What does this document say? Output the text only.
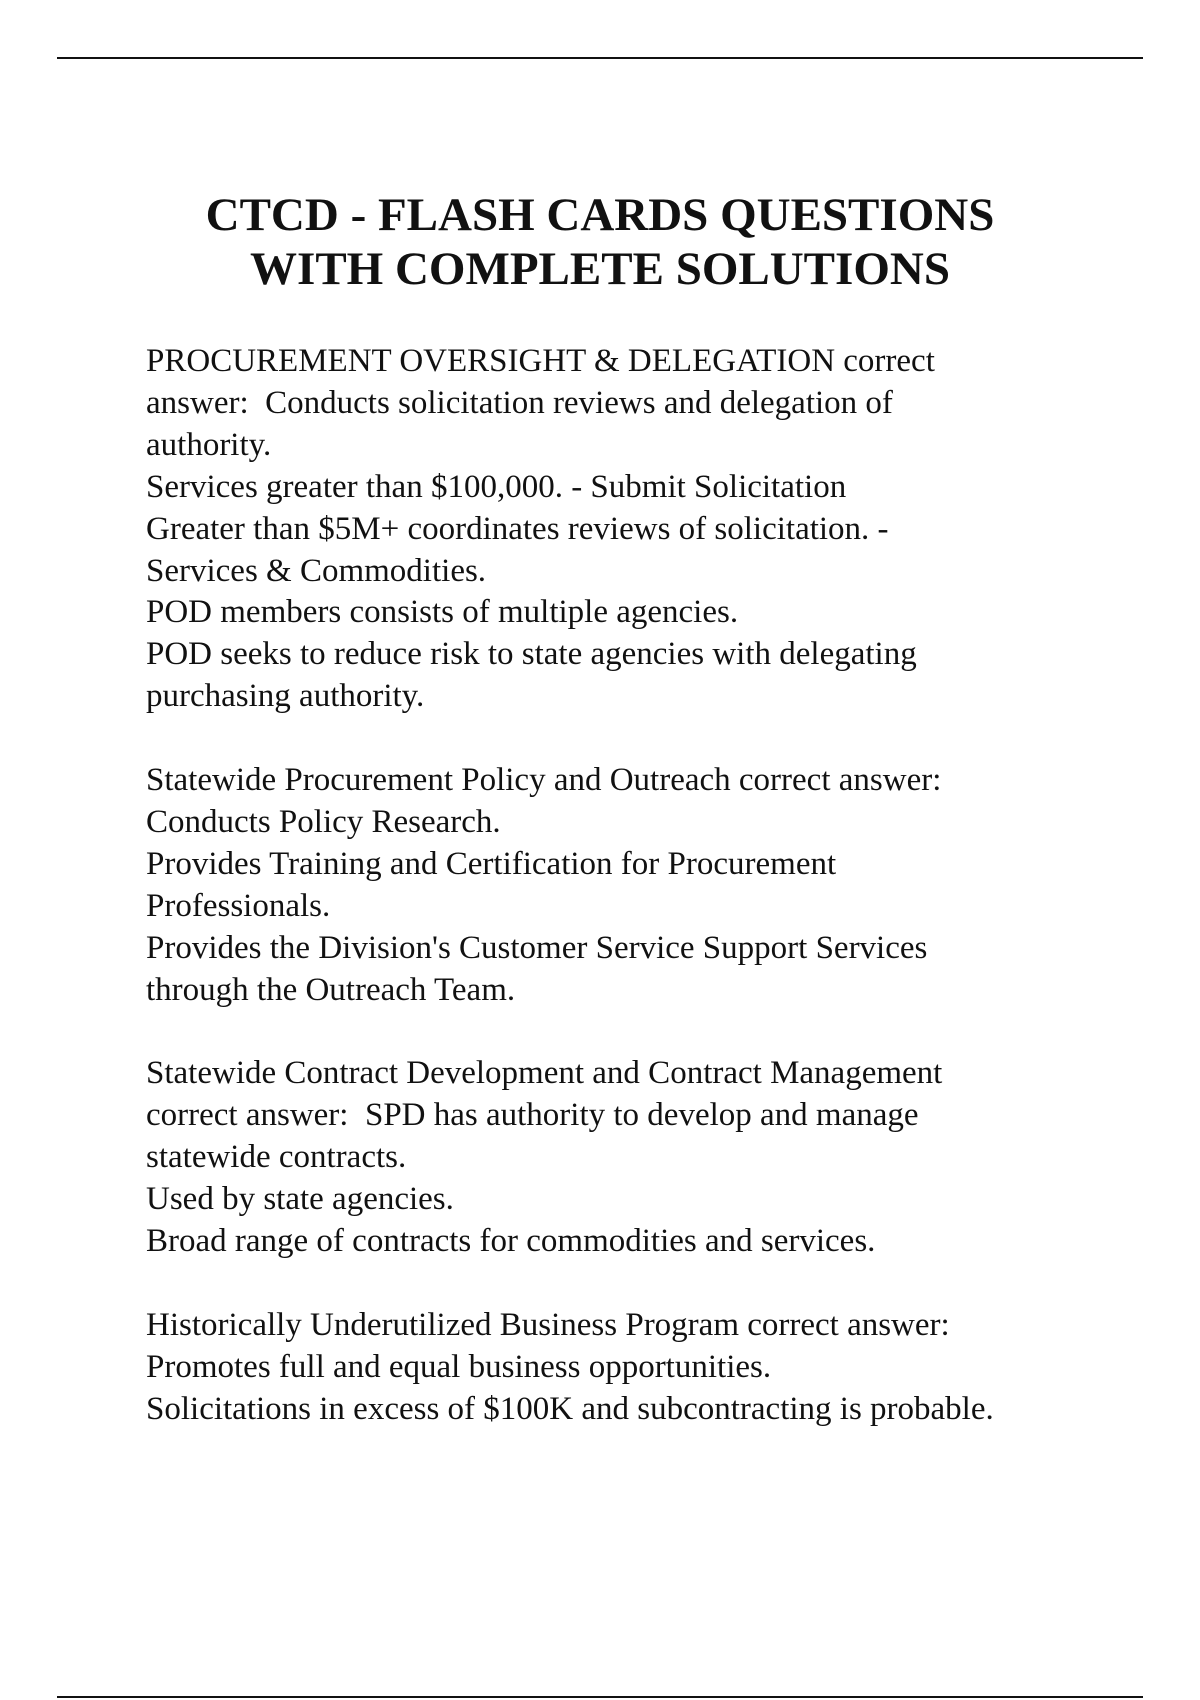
CTCD - FLASH CARDS QUESTIONS
WITH COMPLETE SOLUTIONS

PROCUREMENT OVERSIGHT & DELEGATION correct
answer:  Conducts solicitation reviews and delegation of
authority.
Services greater than $100,000. - Submit Solicitation
Greater than $5M+ coordinates reviews of solicitation. -
Services & Commodities.
POD members consists of multiple agencies.
POD seeks to reduce risk to state agencies with delegating
purchasing authority.

Statewide Procurement Policy and Outreach correct answer:
Conducts Policy Research.
Provides Training and Certification for Procurement
Professionals.
Provides the Division's Customer Service Support Services
through the Outreach Team.

Statewide Contract Development and Contract Management
correct answer:  SPD has authority to develop and manage
statewide contracts.
Used by state agencies.
Broad range of contracts for commodities and services.

Historically Underutilized Business Program correct answer:
Promotes full and equal business opportunities.
Solicitations in excess of $100K and subcontracting is probable.
